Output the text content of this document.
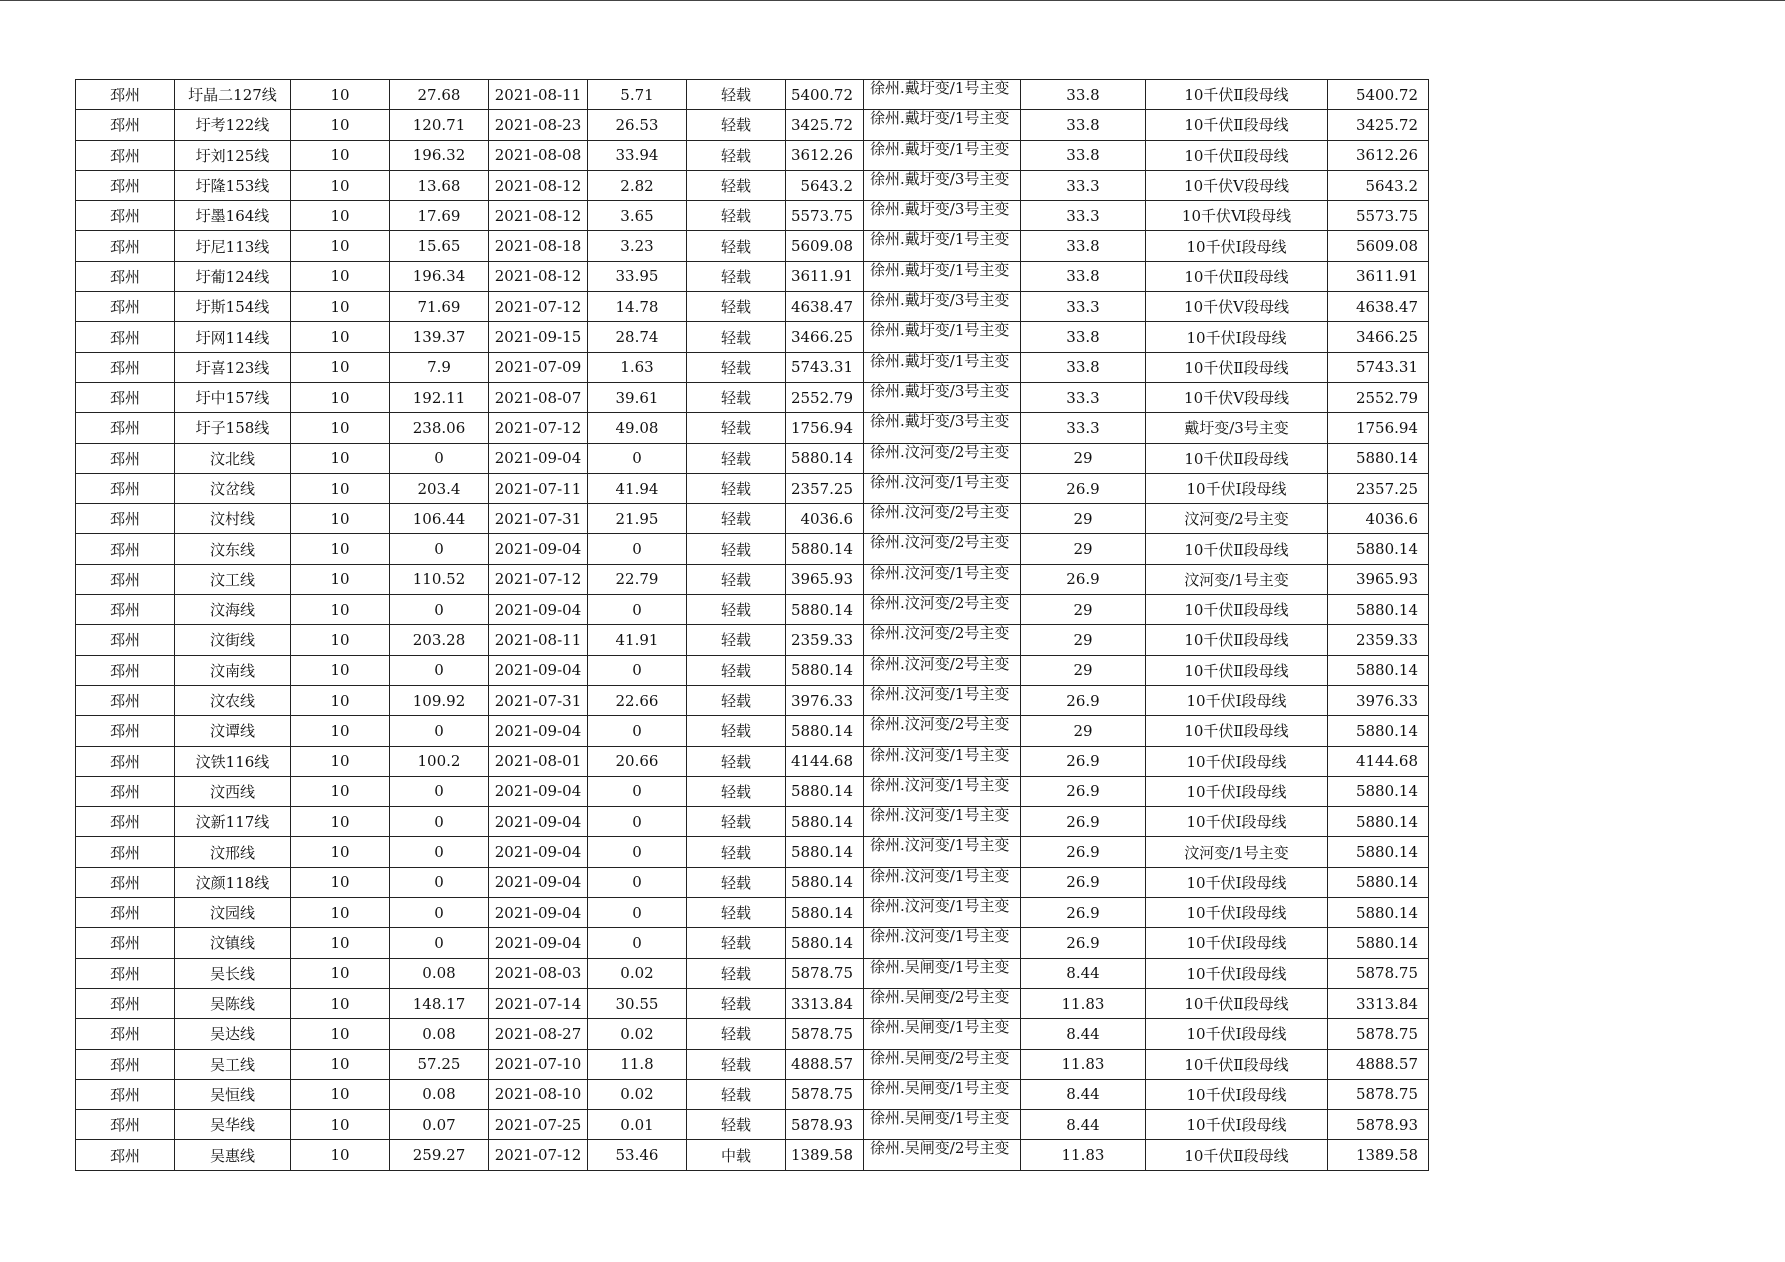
邳州	圩晶二127线	10	27.68	2021-08-11	5.71	轻载	5400.72	徐州.戴圩变/1号主变	33.8	10千伏Ⅱ段母线	5400.72
邳州	圩考122线	10	120.71	2021-08-23	26.53	轻载	3425.72	徐州.戴圩变/1号主变	33.8	10千伏Ⅱ段母线	3425.72
邳州	圩刘125线	10	196.32	2021-08-08	33.94	轻载	3612.26	徐州.戴圩变/1号主变	33.8	10千伏Ⅱ段母线	3612.26
邳州	圩隆153线	10	13.68	2021-08-12	2.82	轻载	5643.2	徐州.戴圩变/3号主变	33.3	10千伏Ⅴ段母线	5643.2
邳州	圩墨164线	10	17.69	2021-08-12	3.65	轻载	5573.75	徐州.戴圩变/3号主变	33.3	10千伏Ⅵ段母线	5573.75
邳州	圩尼113线	10	15.65	2021-08-18	3.23	轻载	5609.08	徐州.戴圩变/1号主变	33.8	10千伏Ⅰ段母线	5609.08
邳州	圩葡124线	10	196.34	2021-08-12	33.95	轻载	3611.91	徐州.戴圩变/1号主变	33.8	10千伏Ⅱ段母线	3611.91
邳州	圩斯154线	10	71.69	2021-07-12	14.78	轻载	4638.47	徐州.戴圩变/3号主变	33.3	10千伏Ⅴ段母线	4638.47
邳州	圩网114线	10	139.37	2021-09-15	28.74	轻载	3466.25	徐州.戴圩变/1号主变	33.8	10千伏Ⅰ段母线	3466.25
邳州	圩喜123线	10	7.9	2021-07-09	1.63	轻载	5743.31	徐州.戴圩变/1号主变	33.8	10千伏Ⅱ段母线	5743.31
邳州	圩中157线	10	192.11	2021-08-07	39.61	轻载	2552.79	徐州.戴圩变/3号主变	33.3	10千伏Ⅴ段母线	2552.79
邳州	圩子158线	10	238.06	2021-07-12	49.08	轻载	1756.94	徐州.戴圩变/3号主变	33.3	戴圩变/3号主变	1756.94
邳州	汶北线	10	0	2021-09-04	0	轻载	5880.14	徐州.汶河变/2号主变	29	10千伏Ⅱ段母线	5880.14
邳州	汶岔线	10	203.4	2021-07-11	41.94	轻载	2357.25	徐州.汶河变/1号主变	26.9	10千伏Ⅰ段母线	2357.25
邳州	汶村线	10	106.44	2021-07-31	21.95	轻载	4036.6	徐州.汶河变/2号主变	29	汶河变/2号主变	4036.6
邳州	汶东线	10	0	2021-09-04	0	轻载	5880.14	徐州.汶河变/2号主变	29	10千伏Ⅱ段母线	5880.14
邳州	汶工线	10	110.52	2021-07-12	22.79	轻载	3965.93	徐州.汶河变/1号主变	26.9	汶河变/1号主变	3965.93
邳州	汶海线	10	0	2021-09-04	0	轻载	5880.14	徐州.汶河变/2号主变	29	10千伏Ⅱ段母线	5880.14
邳州	汶街线	10	203.28	2021-08-11	41.91	轻载	2359.33	徐州.汶河变/2号主变	29	10千伏Ⅱ段母线	2359.33
邳州	汶南线	10	0	2021-09-04	0	轻载	5880.14	徐州.汶河变/2号主变	29	10千伏Ⅱ段母线	5880.14
邳州	汶农线	10	109.92	2021-07-31	22.66	轻载	3976.33	徐州.汶河变/1号主变	26.9	10千伏Ⅰ段母线	3976.33
邳州	汶谭线	10	0	2021-09-04	0	轻载	5880.14	徐州.汶河变/2号主变	29	10千伏Ⅱ段母线	5880.14
邳州	汶铁116线	10	100.2	2021-08-01	20.66	轻载	4144.68	徐州.汶河变/1号主变	26.9	10千伏Ⅰ段母线	4144.68
邳州	汶西线	10	0	2021-09-04	0	轻载	5880.14	徐州.汶河变/1号主变	26.9	10千伏Ⅰ段母线	5880.14
邳州	汶新117线	10	0	2021-09-04	0	轻载	5880.14	徐州.汶河变/1号主变	26.9	10千伏Ⅰ段母线	5880.14
邳州	汶邢线	10	0	2021-09-04	0	轻载	5880.14	徐州.汶河变/1号主变	26.9	汶河变/1号主变	5880.14
邳州	汶颜118线	10	0	2021-09-04	0	轻载	5880.14	徐州.汶河变/1号主变	26.9	10千伏Ⅰ段母线	5880.14
邳州	汶园线	10	0	2021-09-04	0	轻载	5880.14	徐州.汶河变/1号主变	26.9	10千伏Ⅰ段母线	5880.14
邳州	汶镇线	10	0	2021-09-04	0	轻载	5880.14	徐州.汶河变/1号主变	26.9	10千伏Ⅰ段母线	5880.14
邳州	吴长线	10	0.08	2021-08-03	0.02	轻载	5878.75	徐州.吴闸变/1号主变	8.44	10千伏Ⅰ段母线	5878.75
邳州	吴陈线	10	148.17	2021-07-14	30.55	轻载	3313.84	徐州.吴闸变/2号主变	11.83	10千伏Ⅱ段母线	3313.84
邳州	吴达线	10	0.08	2021-08-27	0.02	轻载	5878.75	徐州.吴闸变/1号主变	8.44	10千伏Ⅰ段母线	5878.75
邳州	吴工线	10	57.25	2021-07-10	11.8	轻载	4888.57	徐州.吴闸变/2号主变	11.83	10千伏Ⅱ段母线	4888.57
邳州	吴恒线	10	0.08	2021-08-10	0.02	轻载	5878.75	徐州.吴闸变/1号主变	8.44	10千伏Ⅰ段母线	5878.75
邳州	吴华线	10	0.07	2021-07-25	0.01	轻载	5878.93	徐州.吴闸变/1号主变	8.44	10千伏Ⅰ段母线	5878.93
邳州	吴惠线	10	259.27	2021-07-12	53.46	中载	1389.58	徐州.吴闸变/2号主变	11.83	10千伏Ⅱ段母线	1389.58
